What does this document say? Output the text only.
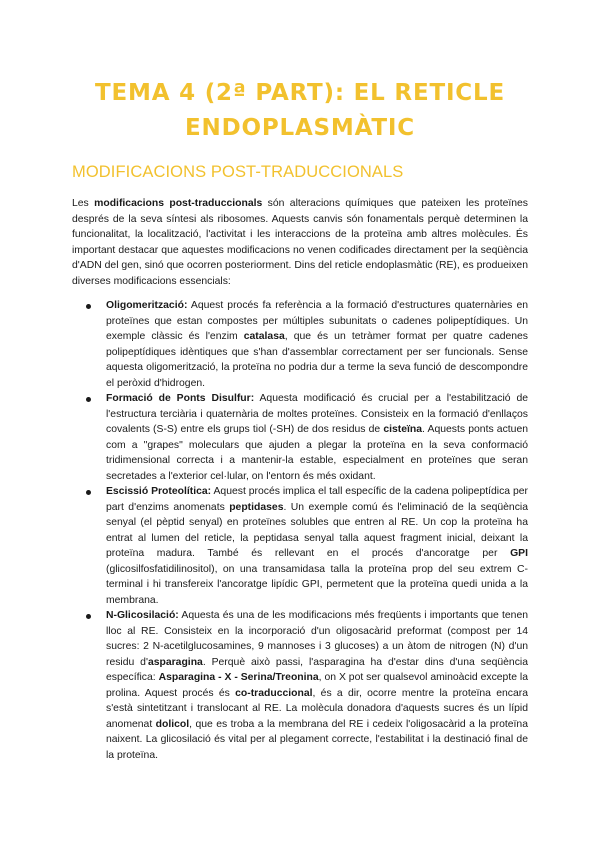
TEMA 4 (2ª PART): EL RETICLE
ENDOPLASMÀTIC
MODIFICACIONS POST-TRADUCCIONALS

Les modificacions post-traduccionals són alteracions químiques que pateixen les proteïnes després de la seva síntesi als ribosomes. Aquests canvis són fonamentals perquè determinen la funcionalitat, la localització, l'activitat i les interaccions de la proteïna amb altres molècules. És important destacar que aquestes modificacions no venen codificades directament per la seqüència d'ADN del gen, sinó que ocorren posteriorment. Dins del reticle endoplasmàtic (RE), es produeixen diverses modificacions essencials:

Oligomerització: Aquest procés fa referència a la formació d'estructures quaternàries en proteïnes que estan compostes per múltiples subunitats o cadenes polipeptídiques. Un exemple clàssic és l'enzim catalasa, que és un tetràmer format per quatre cadenes polipeptídiques idèntiques que s'han d'assemblar correctament per ser funcionals. Sense aquesta oligomerització, la proteïna no podria dur a terme la seva funció de descompondre el peròxid d'hidrogen.
Formació de Ponts Disulfur: Aquesta modificació és crucial per a l'estabilització de l'estructura terciària i quaternària de moltes proteïnes. Consisteix en la formació d'enllaços covalents (S-S) entre els grups tiol (-SH) de dos residus de cisteïna. Aquests ponts actuen com a "grapes" moleculars que ajuden a plegar la proteïna en la seva conformació tridimensional correcta i a mantenir-la estable, especialment en proteïnes que seran secretades a l'exterior cel·lular, on l'entorn és més oxidant.
Escissió Proteolítica: Aquest procés implica el tall específic de la cadena polipeptídica per part d'enzims anomenats peptidases. Un exemple comú és l'eliminació de la seqüència senyal (el pèptid senyal) en proteïnes solubles que entren al RE. Un cop la proteïna ha entrat al lumen del reticle, la peptidasa senyal talla aquest fragment inicial, deixant la proteïna madura. També és rellevant en el procés d'ancoratge per GPI (glicosilfosfatidilinositol), on una transamidasa talla la proteïna prop del seu extrem C-terminal i hi transfereix l'ancoratge lipídic GPI, permetent que la proteïna quedi unida a la membrana.
N-Glicosilació: Aquesta és una de les modificacions més freqüents i importants que tenen lloc al RE. Consisteix en la incorporació d'un oligosacàrid preformat (compost per 14 sucres: 2 N-acetilglucosamines, 9 mannoses i 3 glucoses) a un àtom de nitrogen (N) d'un residu d'asparagina. Perquè això passi, l'asparagina ha d'estar dins d'una seqüència específica: Asparagina - X - Serina/Treonina, on X pot ser qualsevol aminoàcid excepte la prolina. Aquest procés és co-traduccional, és a dir, ocorre mentre la proteïna encara s'està sintetitzant i translocant al RE. La molècula donadora d'aquests sucres és un lípid anomenat dolicol, que es troba a la membrana del RE i cedeix l'oligosacàrid a la proteïna naixent. La glicosilació és vital per al plegament correcte, l'estabilitat i la destinació final de la proteïna.
